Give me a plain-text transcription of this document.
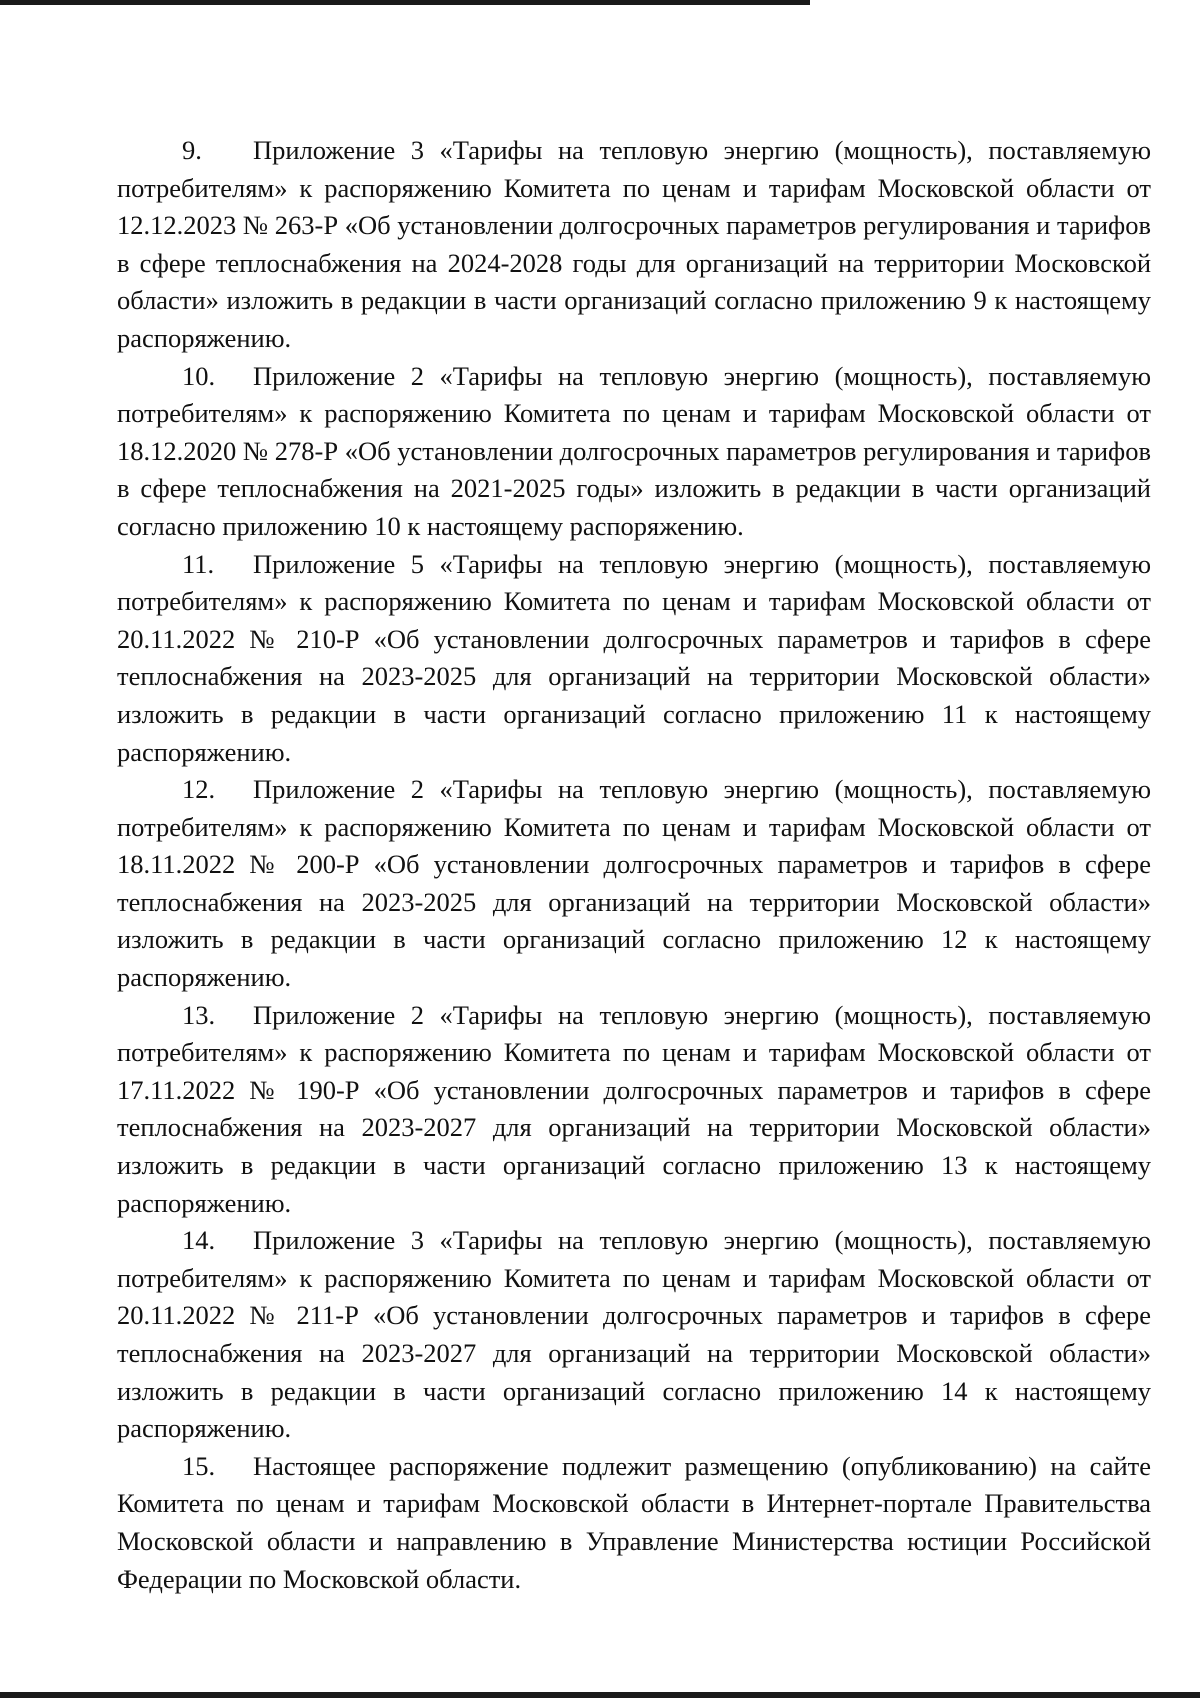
9. Приложение 3 «Тарифы на тепловую энергию (мощность), поставляемую потребителям» к распоряжению Комитета по ценам и тарифам Московской области от 12.12.2023 № 263-Р «Об установлении долгосрочных параметров регулирования и тарифов в сфере теплоснабжения на 2024-2028 годы для организаций на территории Московской области» изложить в редакции в части организаций согласно приложению 9 к настоящему распоряжению.

10. Приложение 2 «Тарифы на тепловую энергию (мощность), поставляемую потребителям» к распоряжению Комитета по ценам и тарифам Московской области от 18.12.2020 № 278-Р «Об установлении долгосрочных параметров регулирования и тарифов в сфере теплоснабжения на 2021-2025 годы» изложить в редакции в части организаций согласно приложению 10 к настоящему распоряжению.

11. Приложение 5 «Тарифы на тепловую энергию (мощность), поставляемую потребителям» к распоряжению Комитета по ценам и тарифам Московской области от 20.11.2022 № 210-Р «Об установлении долгосрочных параметров и тарифов в сфере теплоснабжения на 2023-2025 для организаций на территории Московской области» изложить в редакции в части организаций согласно приложению 11 к настоящему распоряжению.

12. Приложение 2 «Тарифы на тепловую энергию (мощность), поставляемую потребителям» к распоряжению Комитета по ценам и тарифам Московской области от 18.11.2022 № 200-Р «Об установлении долгосрочных параметров и тарифов в сфере теплоснабжения на 2023-2025 для организаций на территории Московской области» изложить в редакции в части организаций согласно приложению 12 к настоящему распоряжению.

13. Приложение 2 «Тарифы на тепловую энергию (мощность), поставляемую потребителям» к распоряжению Комитета по ценам и тарифам Московской области от 17.11.2022 № 190-Р «Об установлении долгосрочных параметров и тарифов в сфере теплоснабжения на 2023-2027 для организаций на территории Московской области» изложить в редакции в части организаций согласно приложению 13 к настоящему распоряжению.

14. Приложение 3 «Тарифы на тепловую энергию (мощность), поставляемую потребителям» к распоряжению Комитета по ценам и тарифам Московской области от 20.11.2022 № 211-Р «Об установлении долгосрочных параметров и тарифов в сфере теплоснабжения на 2023-2027 для организаций на территории Московской области» изложить в редакции в части организаций согласно приложению 14 к настоящему распоряжению.

15. Настоящее распоряжение подлежит размещению (опубликованию) на сайте Комитета по ценам и тарифам Московской области в Интернет-портале Правительства Московской области и направлению в Управление Министерства юстиции Российской Федерации по Московской области.
